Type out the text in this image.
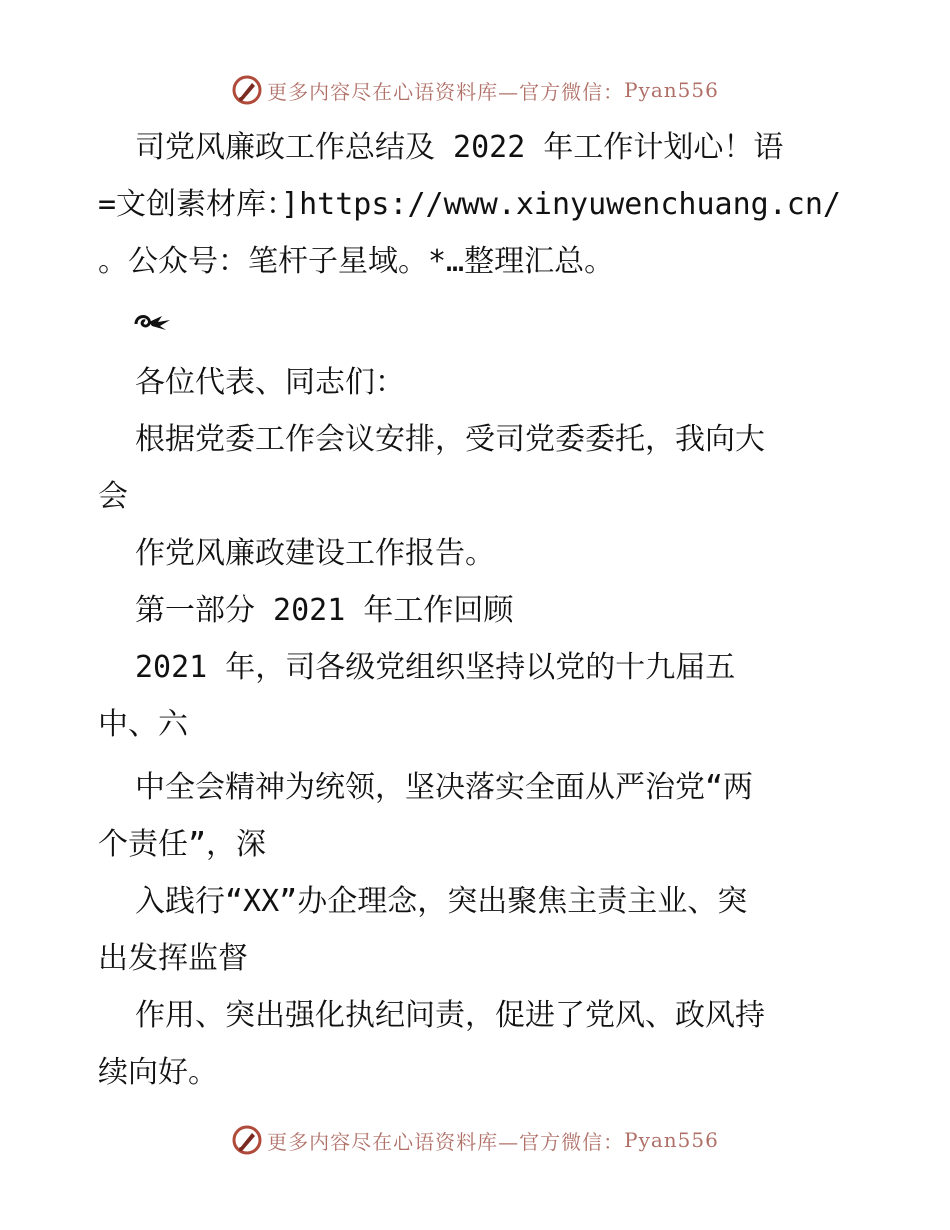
更多内容尽在心语资料库—官方微信： Pyan556
司党风廉政工作总结及 2022 年工作计划心！语
=文创素材库：]https://www.xinyuwenchuang.cn/
。公众号：笔杆子星域。*…整理汇总。
各位代表、同志们：
根据党委工作会议安排，受司党委委托，我向大
会
作党风廉政建设工作报告。
第一部分 2021 年工作回顾
2021 年，司各级党组织坚持以党的十九届五
中、六
中全会精神为统领，坚决落实全面从严治党“两
个责任”，深
入践行“XX”办企理念，突出聚焦主责主业、突
出发挥监督
作用、突出强化执纪问责，促进了党风、政风持
续向好。
更多内容尽在心语资料库—官方微信： Pyan556
